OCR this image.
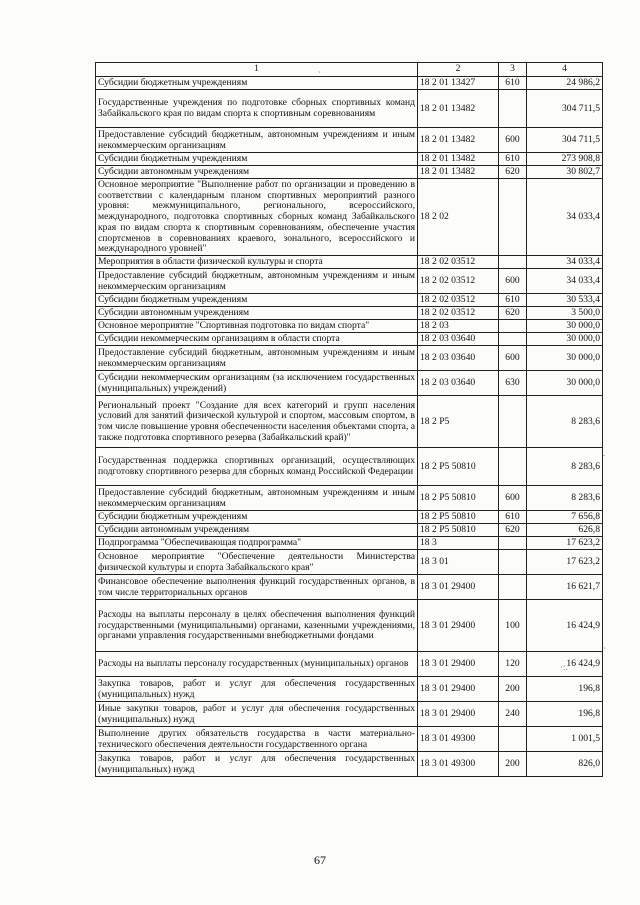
1	2	3	4
Субсидии бюджетным учреждениям	18 2 01 13427	610	24 986,2
Государственные учреждения по подготовке сборных спортивных команд Забайкальского края по видам спорта к спортивным соревнованиям	18 2 01 13482		304 711,5
Предоставление субсидий бюджетным, автономным учреждениям и иным некоммерческим организациям	18 2 01 13482	600	304 711,5
Субсидии бюджетным учреждениям	18 2 01 13482	610	273 908,8
Субсидии автономным учреждениям	18 2 01 13482	620	30 802,7
Основное мероприятие "Выполнение работ по организации и проведению в соответствии с календарным планом спортивных мероприятий разного уровня: межмуниципального, регионального, всероссийского, международного, подготовка спортивных сборных команд Забайкальского края по видам спорта к спортивным соревнованиям, обеспечение участия спортсменов в соревнованиях краевого, зонального, всероссийского и международного уровней"	18 2 02		34 033,4
Мероприятия в области физической культуры и спорта	18 2 02 03512		34 033,4
Предоставление субсидий бюджетным, автономным учреждениям и иным некоммерческим организациям	18 2 02 03512	600	34 033,4
Субсидии бюджетным учреждениям	18 2 02 03512	610	30 533,4
Субсидии автономным учреждениям	18 2 02 03512	620	3 500,0
Основное мероприятие "Спортивная подготовка по видам спорта"	18 2 03		30 000,0
Субсидии некоммерческим организациям в области спорта	18 2 03 03640		30 000,0
Предоставление субсидий бюджетным, автономным учреждениям и иным некоммерческим организациям	18 2 03 03640	600	30 000,0
Субсидии некоммерческим организациям (за исключением государственных (муниципальных) учреждений)	18 2 03 03640	630	30 000,0
Региональный проект "Создание для всех категорий и групп населения условий для занятий физической культурой и спортом, массовым спортом, в том числе повышение уровня обеспеченности населения объектами спорта, а также подготовка спортивного резерва (Забайкальский край)"	18 2 P5		8 283,6
Государственная поддержка спортивных организаций, осуществляющих подготовку спортивного резерва для сборных команд Российской Федерации	18 2 P5 50810		8 283,6
Предоставление субсидий бюджетным, автономным учреждениям и иным некоммерческим организациям	18 2 P5 50810	600	8 283,6
Субсидии бюджетным учреждениям	18 2 P5 50810	610	7 656,8
Субсидии автономным учреждениям	18 2 P5 50810	620	626,8
Подпрограмма "Обеспечивающая подпрограмма"	18 3		17 623,2
Основное мероприятие "Обеспечение деятельности Министерства физической культуры и спорта Забайкальского края"	18 3 01		17 623,2
Финансовое обеспечение выполнения функций государственных органов, в том числе территориальных органов	18 3 01 29400		16 621,7
Расходы на выплаты персоналу в целях обеспечения выполнения функций государственными (муниципальными) органами, казенными учреждениями, органами управления государственными внебюджетными фондами	18 3 01 29400	100	16 424,9
Расходы на выплаты персоналу государственных (муниципальных) органов	18 3 01 29400	120	16 424,9
Закупка товаров, работ и услуг для обеспечения государственных (муниципальных) нужд	18 3 01 29400	200	196,8
Иные закупки товаров, работ и услуг для обеспечения государственных (муниципальных) нужд	18 3 01 29400	240	196,8
Выполнение других обязательств государства в части материально-технического обеспечения деятельности государственного органа	18 3 01 49300		1 001,5
Закупка товаров, работ и услуг для обеспечения государственных (муниципальных) нужд	18 3 01 49300	200	826,0
`
.
·
·:.
67
